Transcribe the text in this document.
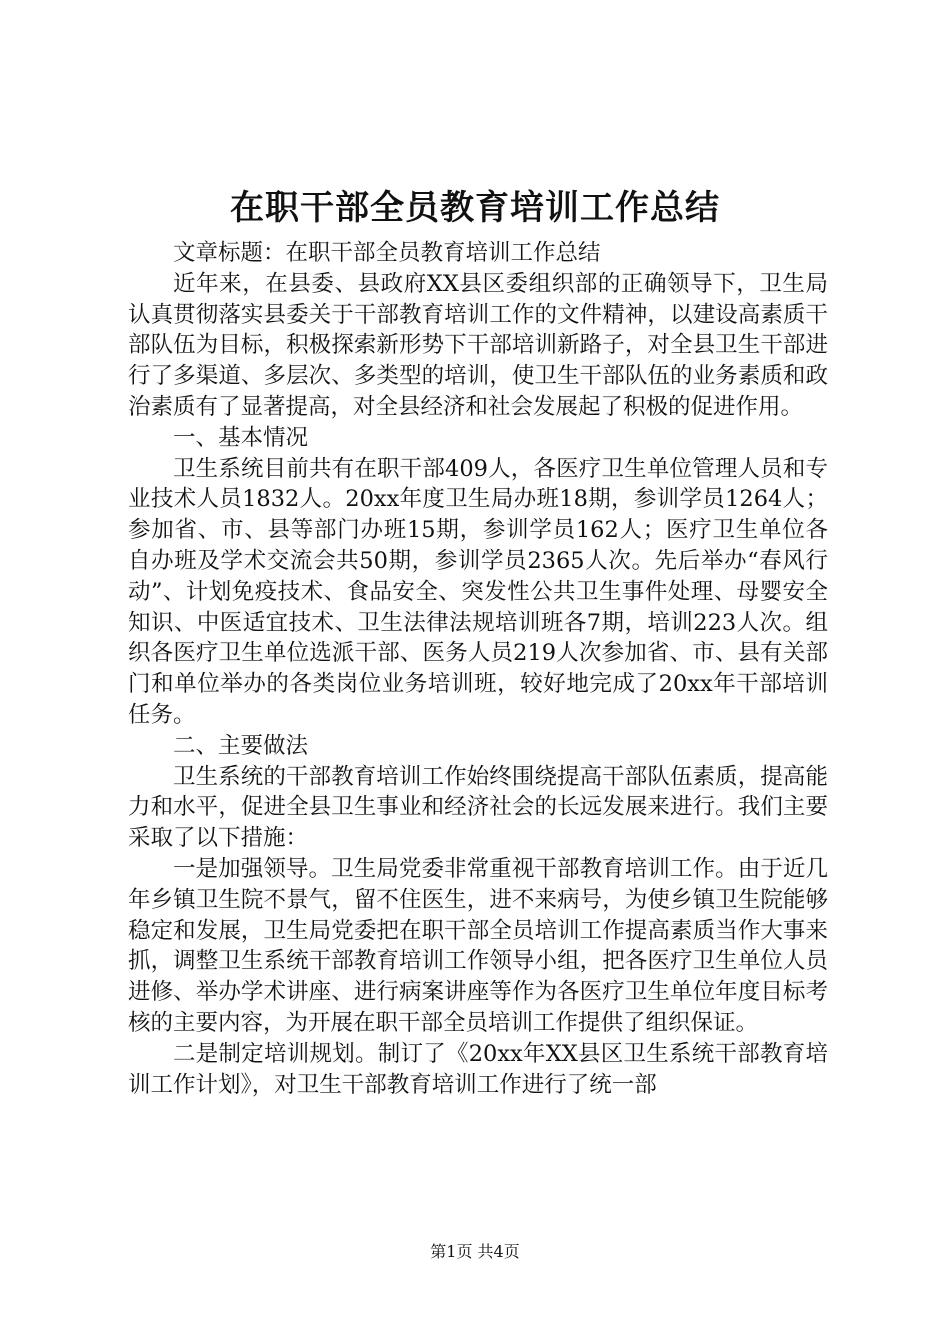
在职干部全员教育培训工作总结

文章标题：在职干部全员教育培训工作总结

近年来，在县委、县政府XX县区委组织部的正确领导下，卫生局认真贯彻落实县委关于干部教育培训工作的文件精神，以建设高素质干部队伍为目标，积极探索新形势下干部培训新路子，对全县卫生干部进行了多渠道、多层次、多类型的培训，使卫生干部队伍的业务素质和政治素质有了显著提高，对全县经济和社会发展起了积极的促进作用。

一、基本情况

卫生系统目前共有在职干部409人，各医疗卫生单位管理人员和专业技术人员1832人。20xx年度卫生局办班18期，参训学员1264人；参加省、市、县等部门办班15期，参训学员162人；医疗卫生单位各自办班及学术交流会共50期，参训学员2365人次。先后举办“春风行动”、计划免疫技术、食品安全、突发性公共卫生事件处理、母婴安全知识、中医适宜技术、卫生法律法规培训班各7期，培训223人次。组织各医疗卫生单位选派干部、医务人员219人次参加省、市、县有关部门和单位举办的各类岗位业务培训班，较好地完成了20xx年干部培训任务。

二、主要做法

卫生系统的干部教育培训工作始终围绕提高干部队伍素质，提高能力和水平，促进全县卫生事业和经济社会的长远发展来进行。我们主要采取了以下措施：

一是加强领导。卫生局党委非常重视干部教育培训工作。由于近几年乡镇卫生院不景气，留不住医生，进不来病号，为使乡镇卫生院能够稳定和发展，卫生局党委把在职干部全员培训工作提高素质当作大事来抓，调整卫生系统干部教育培训工作领导小组，把各医疗卫生单位人员进修、举办学术讲座、进行病案讲座等作为各医疗卫生单位年度目标考核的主要内容，为开展在职干部全员培训工作提供了组织保证。

二是制定培训规划。制订了《20xx年XX县区卫生系统干部教育培训工作计划》，对卫生干部教育培训工作进行了统一部

第1页 共4页
